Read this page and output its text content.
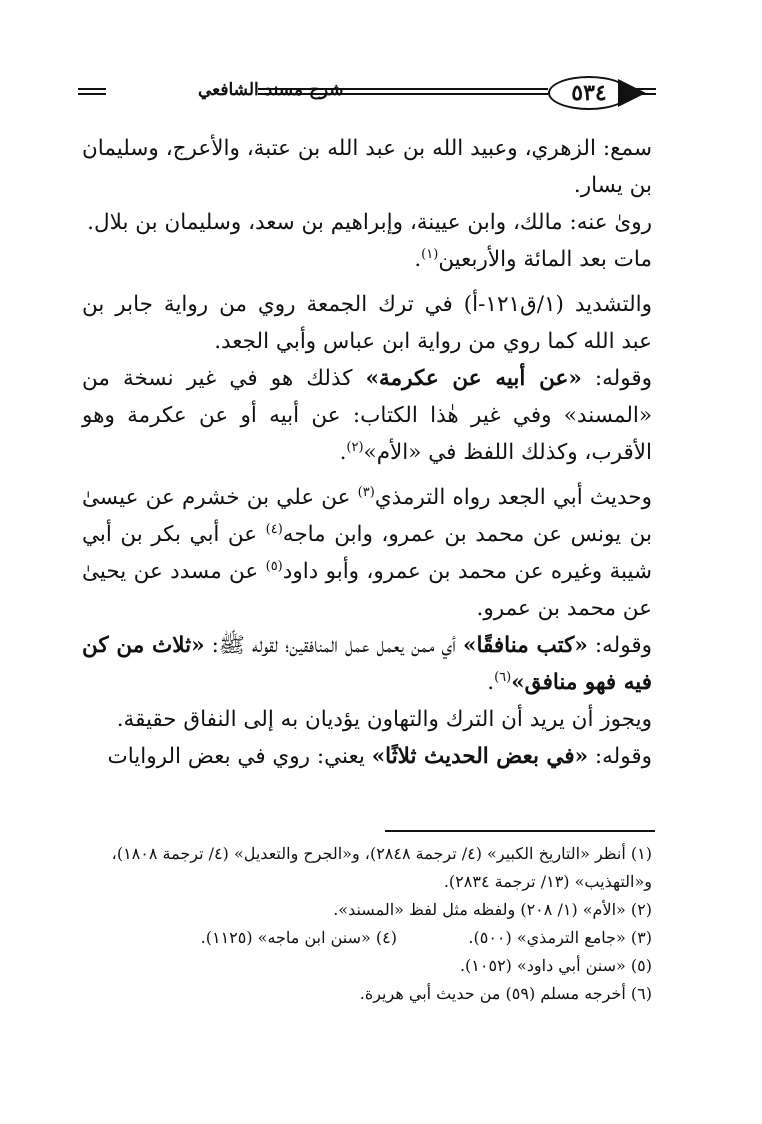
شرح مسند الشافعي	٥٣٤

سمع: الزهري، وعبيد الله بن عبد الله بن عتبة، والأعرج، وسليمان بن يسار.

روىٰ عنه: مالك، وابن عيينة، وإبراهيم بن سعد، وسليمان بن بلال.

مات بعد المائة والأربعين$^{(١)}$.

والتشديد (١/ق١٢١-أ) في ترك الجمعة روي من رواية جابر بن عبد الله كما روي من رواية ابن عباس وأبي الجعد.

وقوله: «عن أبيه عن عكرمة» كذلك هو في غير نسخة من «المسند» وفي غير هٰذا الكتاب: عن أبيه أو عن عكرمة وهو الأقرب، وكذلك اللفظ في «الأم»$^{(٢)}$.

وحديث أبي الجعد رواه الترمذي$^{(٣)}$ عن علي بن خشرم عن عيسىٰ بن يونس عن محمد بن عمرو، وابن ماجه$^{(٤)}$ عن أبي بكر بن أبي شيبة وغيره عن محمد بن عمرو، وأبو داود$^{(٥)}$ عن مسدد عن يحيىٰ عن محمد بن عمرو.

وقوله: «كتب منافقًا» أي ممن يعمل عمل المنافقين؛ لقوله ﷺ: «ثلاث من كن فيه فهو منافق»$^{(٦)}$.

ويجوز أن يريد أن الترك والتهاون يؤديان به إلى النفاق حقيقة.

وقوله: «في بعض الحديث ثلاثًا» يعني: روي في بعض الروايات

(١) أنظر «التاريخ الكبير» (٤/ ترجمة ٢٨٤٨)، و«الجرح والتعديل» (٤/ ترجمة ١٨٠٨)، و«التهذيب» (١٣/ ترجمة ٢٨٣٤).

(٢) «الأم» (١/ ٢٠٨) ولفظه مثل لفظ «المسند».

(٣) «جامع الترمذي» (٥٠٠).
(٤) «سنن ابن ماجه» (١١٢٥).

(٥) «سنن أبي داود» (١٠٥٢).

(٦) أخرجه مسلم (٥٩) من حديث أبي هريرة.
